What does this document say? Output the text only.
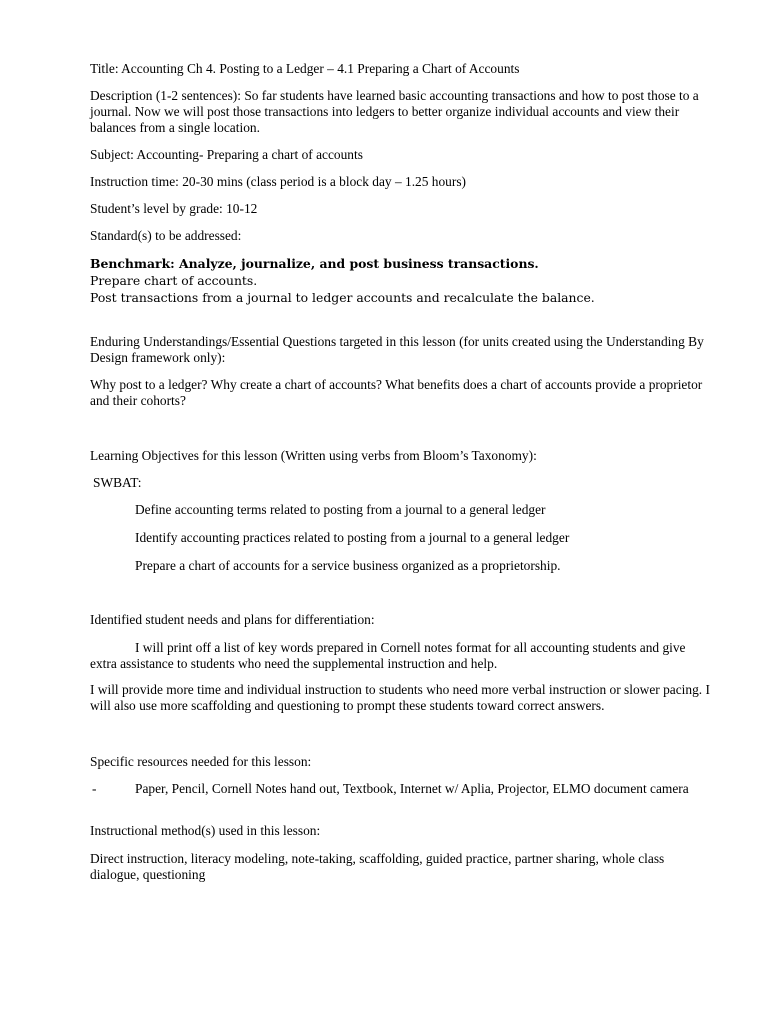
Title: Accounting Ch 4. Posting to a Ledger – 4.1 Preparing a Chart of Accounts
Description (1-2 sentences): So far students have learned basic accounting transactions and how to post those to a journal. Now we will post those transactions into ledgers to better organize individual accounts and view their balances from a single location.
Subject: Accounting- Preparing a chart of accounts
Instruction time: 20-30 mins (class period is a block day – 1.25 hours)
Student’s level by grade: 10-12
Standard(s) to be addressed:
Benchmark: Analyze, journalize, and post business transactions.
Prepare chart of accounts.
Post transactions from a journal to ledger accounts and recalculate the balance.
Enduring Understandings/Essential Questions targeted in this lesson (for units created using the Understanding By Design framework only):
Why post to a ledger? Why create a chart of accounts? What benefits does a chart of accounts provide a proprietor and their cohorts?
Learning Objectives for this lesson (Written using verbs from Bloom’s Taxonomy):
SWBAT:
Define accounting terms related to posting from a journal to a general ledger
Identify accounting practices related to posting from a journal to a general ledger
Prepare a chart of accounts for a service business organized as a proprietorship.
Identified student needs and plans for differentiation:
I will print off a list of key words prepared in Cornell notes format for all accounting students and give extra assistance to students who need the supplemental instruction and help.
I will provide more time and individual instruction to students who need more verbal instruction or slower pacing. I will also use more scaffolding and questioning to prompt these students toward correct answers.
Specific resources needed for this lesson:
-	Paper, Pencil, Cornell Notes hand out, Textbook, Internet w/ Aplia, Projector, ELMO document camera
Instructional method(s) used in this lesson:
Direct instruction, literacy modeling, note-taking, scaffolding, guided practice, partner sharing, whole class dialogue, questioning
